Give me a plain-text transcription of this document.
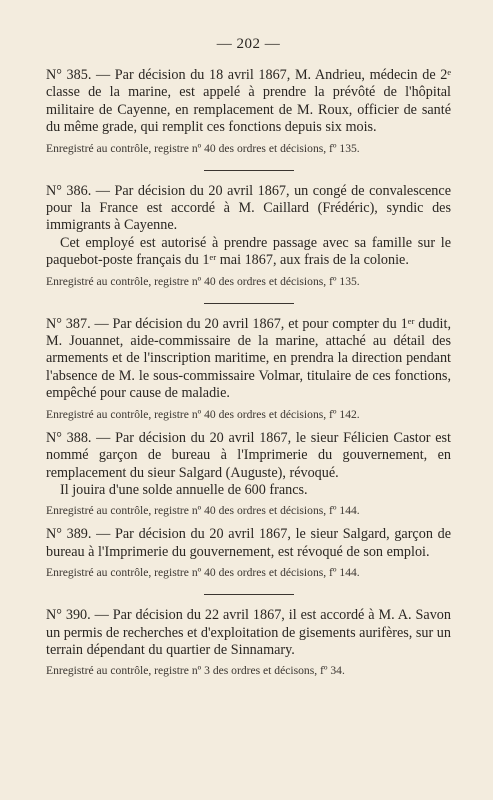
— 202 —

N° 385. — Par décision du 18 avril 1867, M. Andrieu, médecin de 2ᵉ classe de la marine, est appelé à prendre la prévôté de l'hôpital militaire de Cayenne, en remplacement de M. Roux, officier de santé du même grade, qui remplit ces fonctions depuis six mois.

Enregistré au contrôle, registre nº 40 des ordres et décisions, fº 135.

N° 386. — Par décision du 20 avril 1867, un congé de convalescence pour la France est accordé à M. Caillard (Frédéric), syndic des immigrants à Cayenne.

Cet employé est autorisé à prendre passage avec sa famille sur le paquebot-poste français du 1ᵉʳ mai 1867, aux frais de la colonie.

Enregistré au contrôle, registre nº 40 des ordres et décisions, fº 135.

N° 387. — Par décision du 20 avril 1867, et pour compter du 1ᵉʳ dudit, M. Jouannet, aide-commissaire de la marine, attaché au détail des armements et de l'inscription maritime, en prendra la direction pendant l'absence de M. le sous-commissaire Volmar, titulaire de ces fonctions, empêché pour cause de maladie.

Enregistré au contrôle, registre nº 40 des ordres et décisions, fº 142.

N° 388. — Par décision du 20 avril 1867, le sieur Félicien Castor est nommé garçon de bureau à l'Imprimerie du gouvernement, en remplacement du sieur Salgard (Auguste), révoqué.

Il jouira d'une solde annuelle de 600 francs.

Enregistré au contrôle, registre nº 40 des ordres et décisions, fº 144.

N° 389. — Par décision du 20 avril 1867, le sieur Salgard, garçon de bureau à l'Imprimerie du gouvernement, est révoqué de son emploi.

Enregistré au contrôle, registre nº 40 des ordres et décisions, fº 144.

N° 390. — Par décision du 22 avril 1867, il est accordé à M. A. Savon un permis de recherches et d'exploitation de gisements aurifères, sur un terrain dépendant du quartier de Sinnamary.

Enregistré au contrôle, registre nº 3 des ordres et décisons, fº 34.
